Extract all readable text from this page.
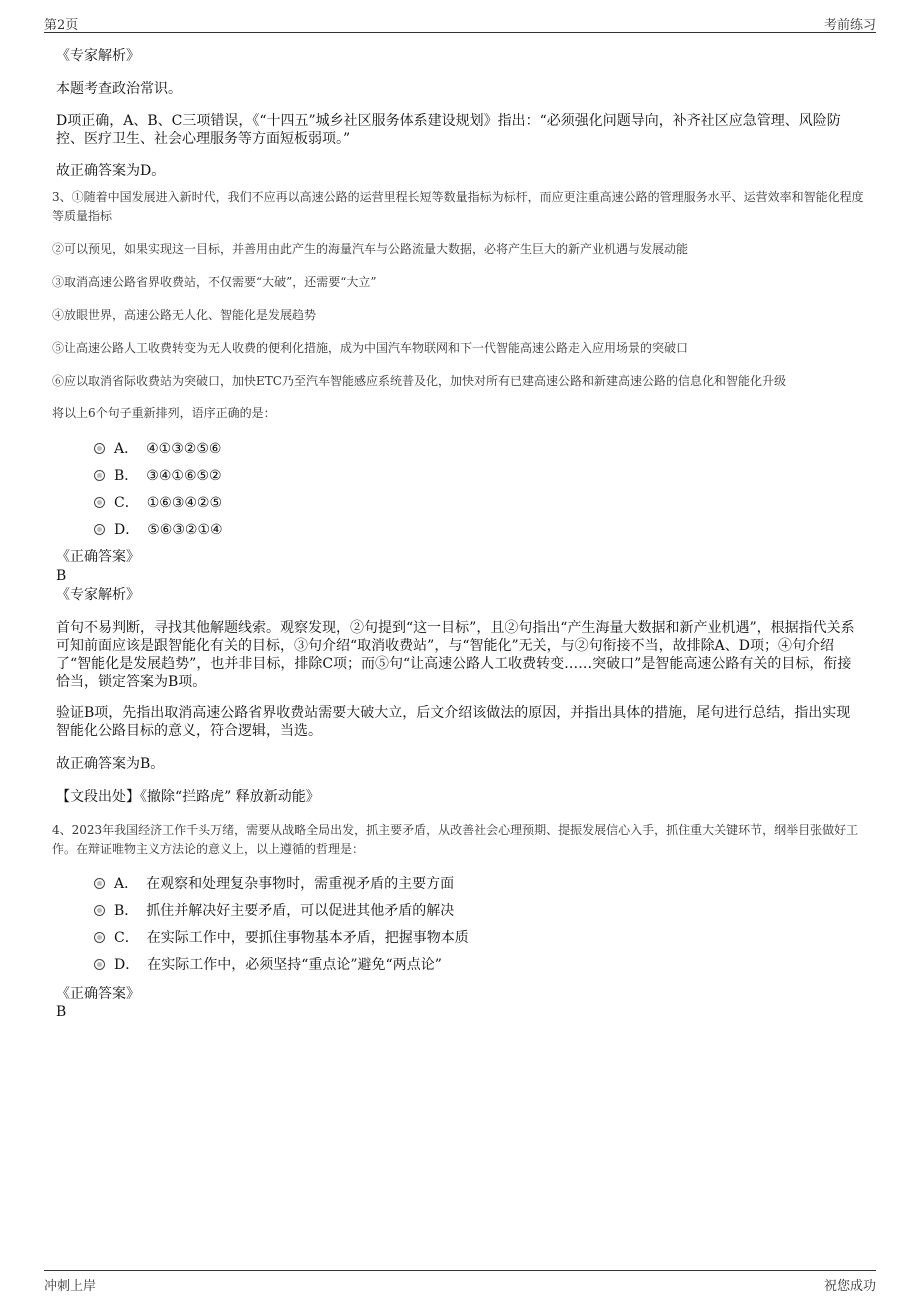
第2页	考前练习
《专家解析》
本题考查政治常识。
D项正确，A、B、C三项错误，《“十四五”城乡社区服务体系建设规划》指出：“必须强化问题导向，补齐社区应急管理、风险防控、医疗卫生、社会心理服务等方面短板弱项。”
故正确答案为D。
3、①随着中国发展进入新时代，我们不应再以高速公路的运营里程长短等数量指标为标杆，而应更注重高速公路的管理服务水平、运营效率和智能化程度等质量指标
②可以预见，如果实现这一目标，并善用由此产生的海量汽车与公路流量大数据，必将产生巨大的新产业机遇与发展动能
③取消高速公路省界收费站，不仅需要“大破”，还需要“大立”
④放眼世界，高速公路无人化、智能化是发展趋势
⑤让高速公路人工收费转变为无人收费的便利化措施，成为中国汽车物联网和下一代智能高速公路走入应用场景的突破口
⑥应以取消省际收费站为突破口，加快ETC乃至汽车智能感应系统普及化，加快对所有已建高速公路和新建高速公路的信息化和智能化升级
将以上6个句子重新排列，语序正确的是：
A． ④①③②⑤⑥
B． ③④①⑥⑤②
C． ①⑥③④②⑤
D． ⑤⑥③②①④
《正确答案》
B
《专家解析》
首句不易判断，寻找其他解题线索。观察发现，②句提到“这一目标”，且②句指出“产生海量大数据和新产业机遇”，根据指代关系可知前面应该是跟智能化有关的目标，③句介绍“取消收费站”，与“智能化”无关，与②句衔接不当，故排除A、D项；④句介绍了“智能化是发展趋势”，也并非目标，排除C项；而⑤句“让高速公路人工收费转变……突破口”是智能高速公路有关的目标，衔接恰当，锁定答案为B项。
验证B项，先指出取消高速公路省界收费站需要大破大立，后文介绍该做法的原因，并指出具体的措施，尾句进行总结，指出实现智能化公路目标的意义，符合逻辑，当选。
故正确答案为B。
【文段出处】《撤除“拦路虎” 释放新动能》
4、2023年我国经济工作千头万绪，需要从战略全局出发，抓主要矛盾，从改善社会心理预期、提振发展信心入手，抓住重大关键环节，纲举目张做好工作。在辩证唯物主义方法论的意义上，以上遵循的哲理是：
A． 在观察和处理复杂事物时，需重视矛盾的主要方面
B． 抓住并解决好主要矛盾，可以促进其他矛盾的解决
C． 在实际工作中，要抓住事物基本矛盾，把握事物本质
D． 在实际工作中，必须坚持“重点论”避免“两点论”
《正确答案》
B
冲刺上岸	祝您成功
